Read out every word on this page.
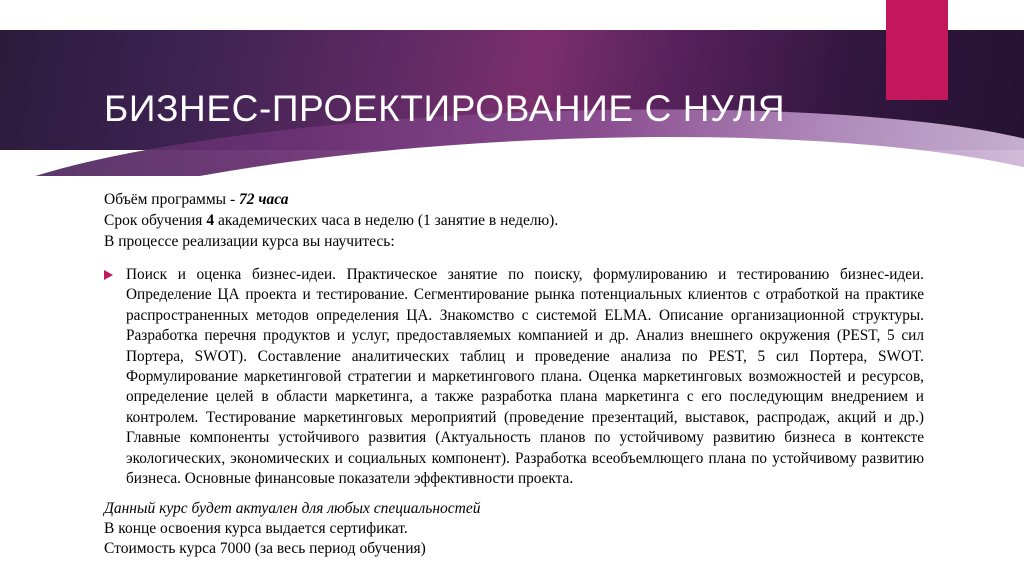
БИЗНЕС-ПРОЕКТИРОВАНИЕ С НУЛЯ

Объём программы - 72 часа

Срок обучения 4 академических часа в неделю (1 занятие в неделю).

В процессе реализации курса вы научитесь:

Поиск и оценка бизнес-идеи. Практическое занятие по поиску, формулированию и тестированию бизнес-идеи. Определение ЦА проекта и тестирование. Сегментирование рынка потенциальных клиентов с отработкой на практике распространенных методов определения ЦА. Знакомство с системой ELMA. Описание организационной структуры. Разработка перечня продуктов и услуг, предоставляемых компанией и др. Анализ внешнего окружения (PEST, 5 сил Портера, SWOT). Составление аналитических таблиц и проведение анализа по PEST, 5 сил Портера, SWOT. Формулирование маркетинговой стратегии и маркетингового плана. Оценка маркетинговых возможностей и ресурсов, определение целей в области маркетинга, а также разработка плана маркетинга с его последующим внедрением и контролем. Тестирование маркетинговых мероприятий (проведение презентаций, выставок, распродаж, акций и др.) Главные компоненты устойчивого развития (Актуальность планов по устойчивому развитию бизнеса в контексте экологических, экономических и социальных компонент). Разработка всеобъемлющего плана по устойчивому развитию бизнеса. Основные финансовые показатели эффективности проекта.

Данный курс будет актуален для любых специальностей

В конце освоения курса выдается сертификат.

Стоимость курса 7000 (за весь период обучения)
